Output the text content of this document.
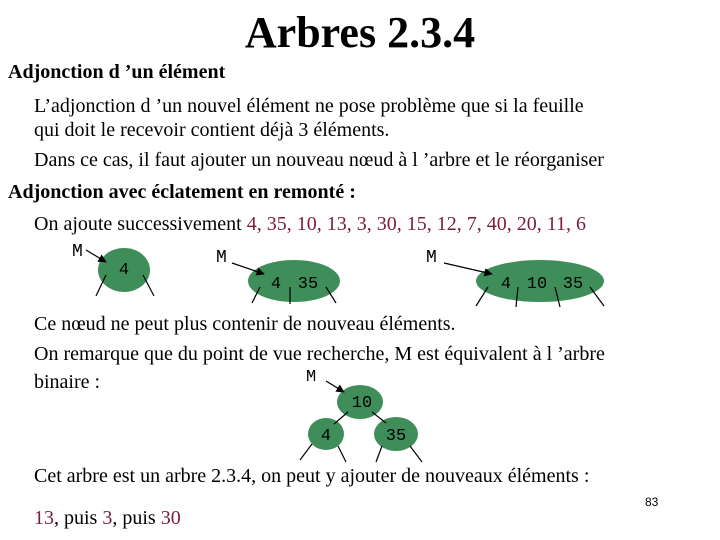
Arbres 2.3.4
Adjonction d ’un élément
L’adjonction d ’un nouvel élément ne pose problème que si la feuille
qui doit le recevoir contient déjà 3 éléments.
Dans ce cas, il faut ajouter un nouveau nœud à l ’arbre et le réorganiser
Adjonction avec éclatement en remonté :
On ajoute successivement 4, 35, 10, 13, 3, 30, 15, 12, 7, 40, 20, 11, 6
M
4
M
4 35
M
4 10 35
M
10
4	35
Ce nœud ne peut plus contenir de nouveau éléments.
On remarque que du point de vue recherche, M est équivalent à l ’arbre
binaire :
Cet arbre est un arbre 2.3.4, on peut y ajouter de nouveaux éléments :
13, puis 3, puis 30
83
